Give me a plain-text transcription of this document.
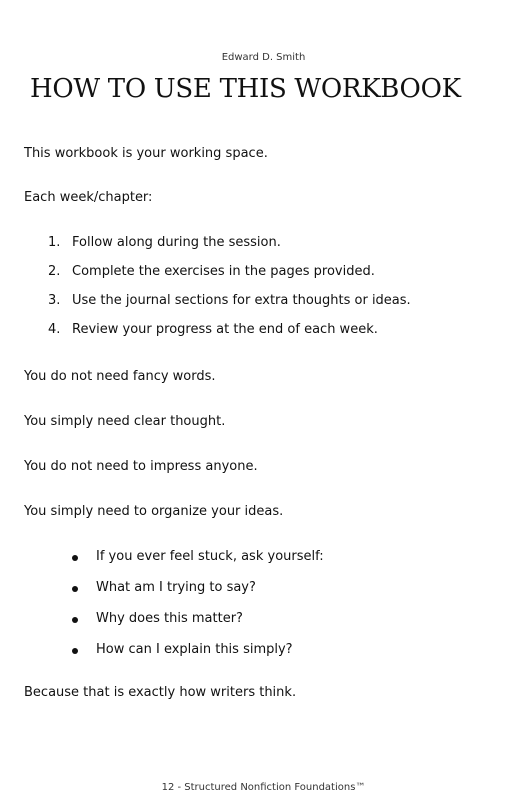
Edward D. Smith
HOW TO USE THIS WORKBOOK
This workbook is your working space.
Each week/chapter:
1. Follow along during the session.
2. Complete the exercises in the pages provided.
3. Use the journal sections for extra thoughts or ideas.
4. Review your progress at the end of each week.
You do not need fancy words.
You simply need clear thought.
You do not need to impress anyone.
You simply need to organize your ideas.
If you ever feel stuck, ask yourself:
What am I trying to say?
Why does this matter?
How can I explain this simply?
Because that is exactly how writers think.
12 - Structured Nonfiction Foundations™
